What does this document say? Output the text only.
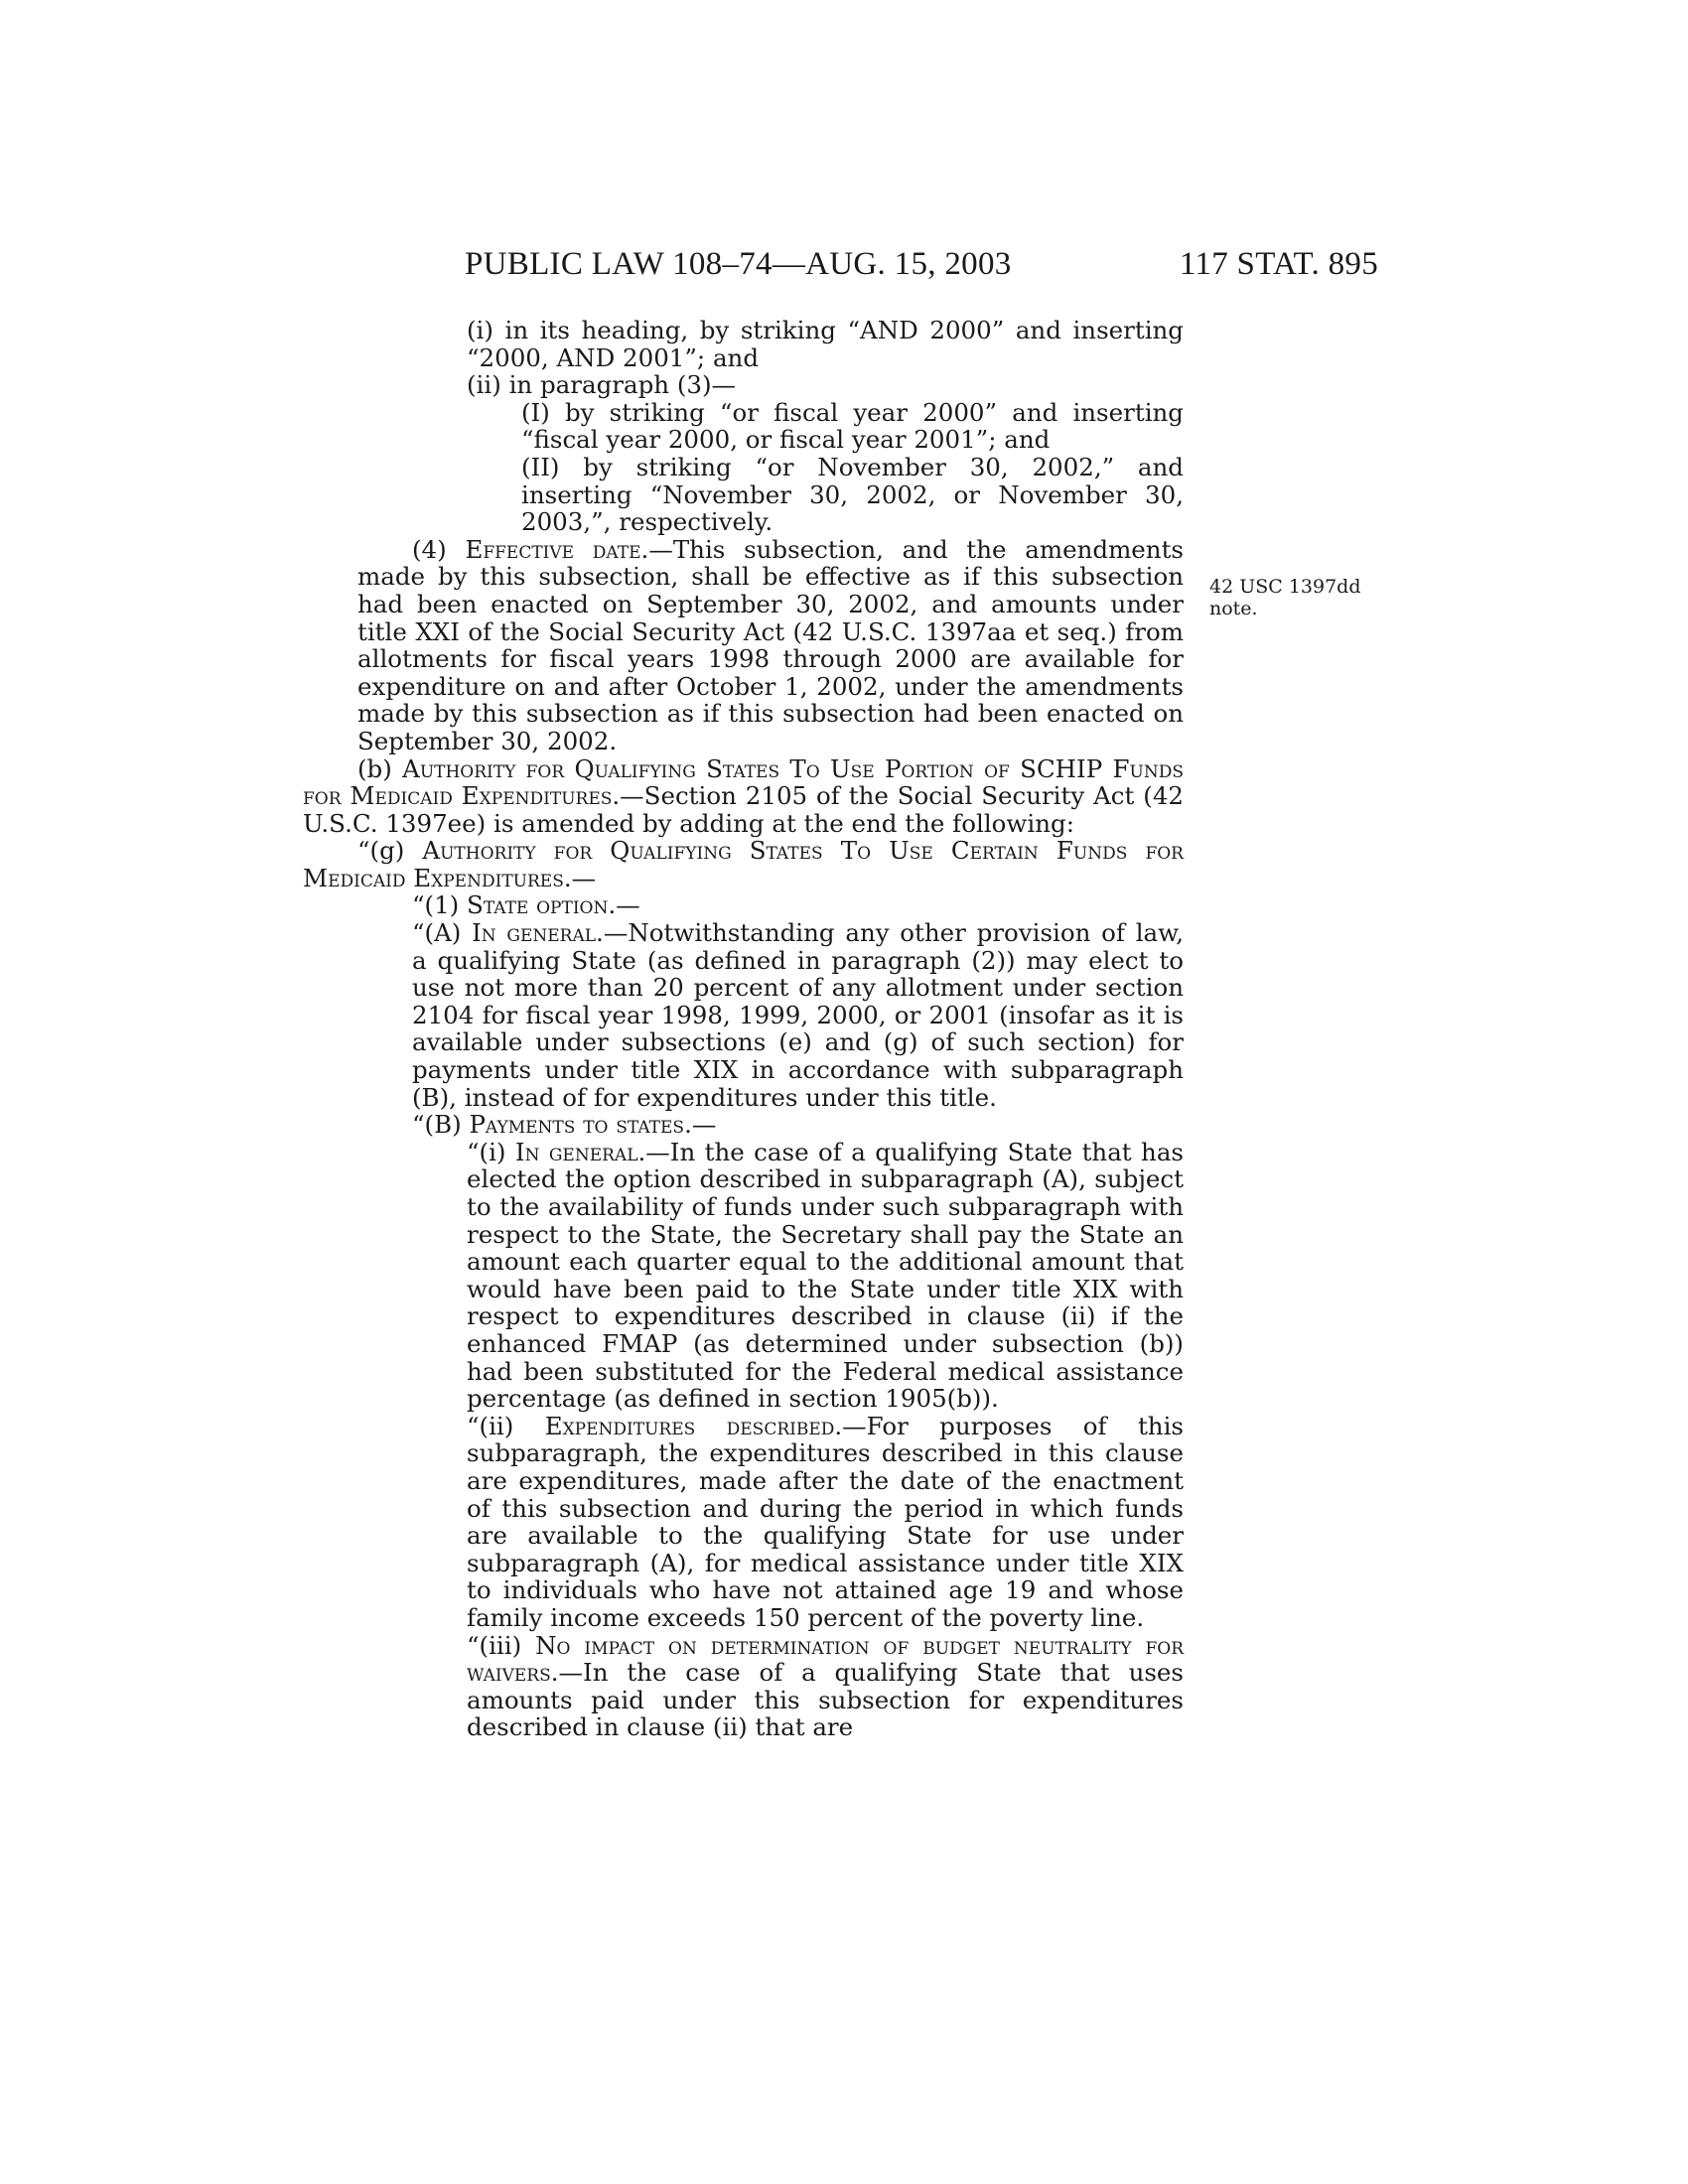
PUBLIC LAW 108–74—AUG. 15, 2003	117 STAT. 895
42 USC 1397dd
note.

(i) in its heading, by striking “AND 2000” and inserting “2000, AND 2001”; and

(ii) in paragraph (3)—

(I) by striking “or fiscal year 2000” and inserting “fiscal year 2000, or fiscal year 2001”; and

(II) by striking “or November 30, 2002,” and inserting “November 30, 2002, or November 30, 2003,”, respectively.

(4) Effective date.—This subsection, and the amendments made by this subsection, shall be effective as if this subsection had been enacted on September 30, 2002, and amounts under title XXI of the Social Security Act (42 U.S.C. 1397aa et seq.) from allotments for fiscal years 1998 through 2000 are available for expenditure on and after October 1, 2002, under the amendments made by this subsection as if this subsection had been enacted on September 30, 2002.

(b) Authority for Qualifying States To Use Portion of SCHIP Funds for Medicaid Expenditures.—Section 2105 of the Social Security Act (42 U.S.C. 1397ee) is amended by adding at the end the following:

“(g) Authority for Qualifying States To Use Certain Funds for Medicaid Expenditures.—

“(1) State option.—

“(A) In general.—Notwithstanding any other provision of law, a qualifying State (as defined in paragraph (2)) may elect to use not more than 20 percent of any allotment under section 2104 for fiscal year 1998, 1999, 2000, or 2001 (insofar as it is available under subsections (e) and (g) of such section) for payments under title XIX in accordance with subparagraph (B), instead of for expenditures under this title.

“(B) Payments to states.—

“(i) In general.—In the case of a qualifying State that has elected the option described in subparagraph (A), subject to the availability of funds under such subparagraph with respect to the State, the Secretary shall pay the State an amount each quarter equal to the additional amount that would have been paid to the State under title XIX with respect to expenditures described in clause (ii) if the enhanced FMAP (as determined under subsection (b)) had been substituted for the Federal medical assistance percentage (as defined in section 1905(b)).

“(ii) Expenditures described.—For purposes of this subparagraph, the expenditures described in this clause are expenditures, made after the date of the enactment of this subsection and during the period in which funds are available to the qualifying State for use under subparagraph (A), for medical assistance under title XIX to individuals who have not attained age 19 and whose family income exceeds 150 percent of the poverty line.

“(iii) No impact on determination of budget neutrality for waivers.—In the case of a qualifying State that uses amounts paid under this subsection for expenditures described in clause (ii) that are
